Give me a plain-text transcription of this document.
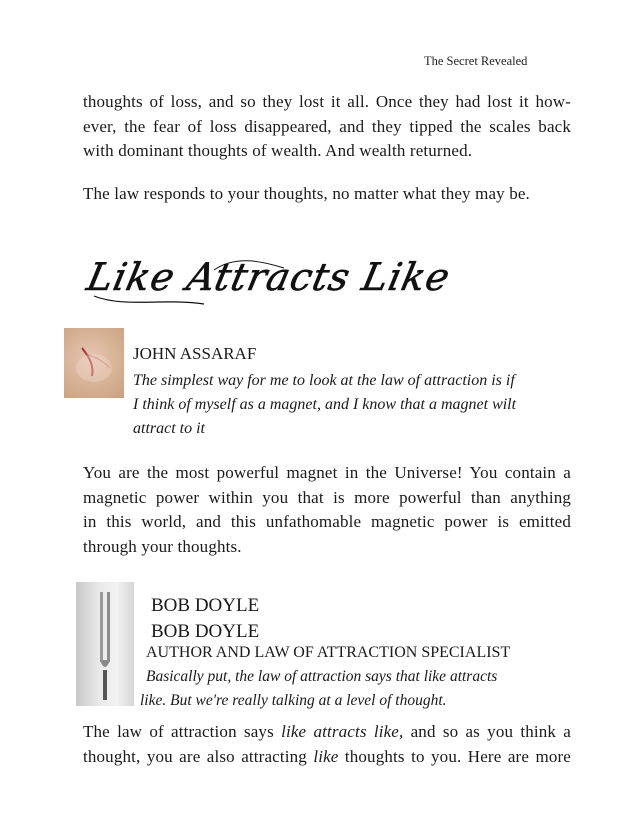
The Secret Revealed
thoughts of loss, and so they lost it all. Once they had lost it how-
ever, the fear of loss disappeared, and they tipped the scales back
with dominant thoughts of wealth. And wealth returned.
The law responds to your thoughts, no matter what they may be.
Like Attracts Like
JOHN ASSARAF
The simplest way for me to look at the law of attraction is if
I think of myself as a magnet, and I know that a magnet wilt
attract to it
You are the most powerful magnet in the Universe! You contain a
magnetic power within you that is more powerful than anything
in this world, and this unfathomable magnetic power is emitted
through your thoughts.
BOB DOYLE
BOB DOYLE
AUTHOR AND LAW OF ATTRACTION SPECIALIST
Basically put, the law of attraction says that like attracts
like. But we're really talking at a level of thought.
The law of attraction says like attracts like, and so as you think a
thought, you are also attracting like thoughts to you. Here are more
